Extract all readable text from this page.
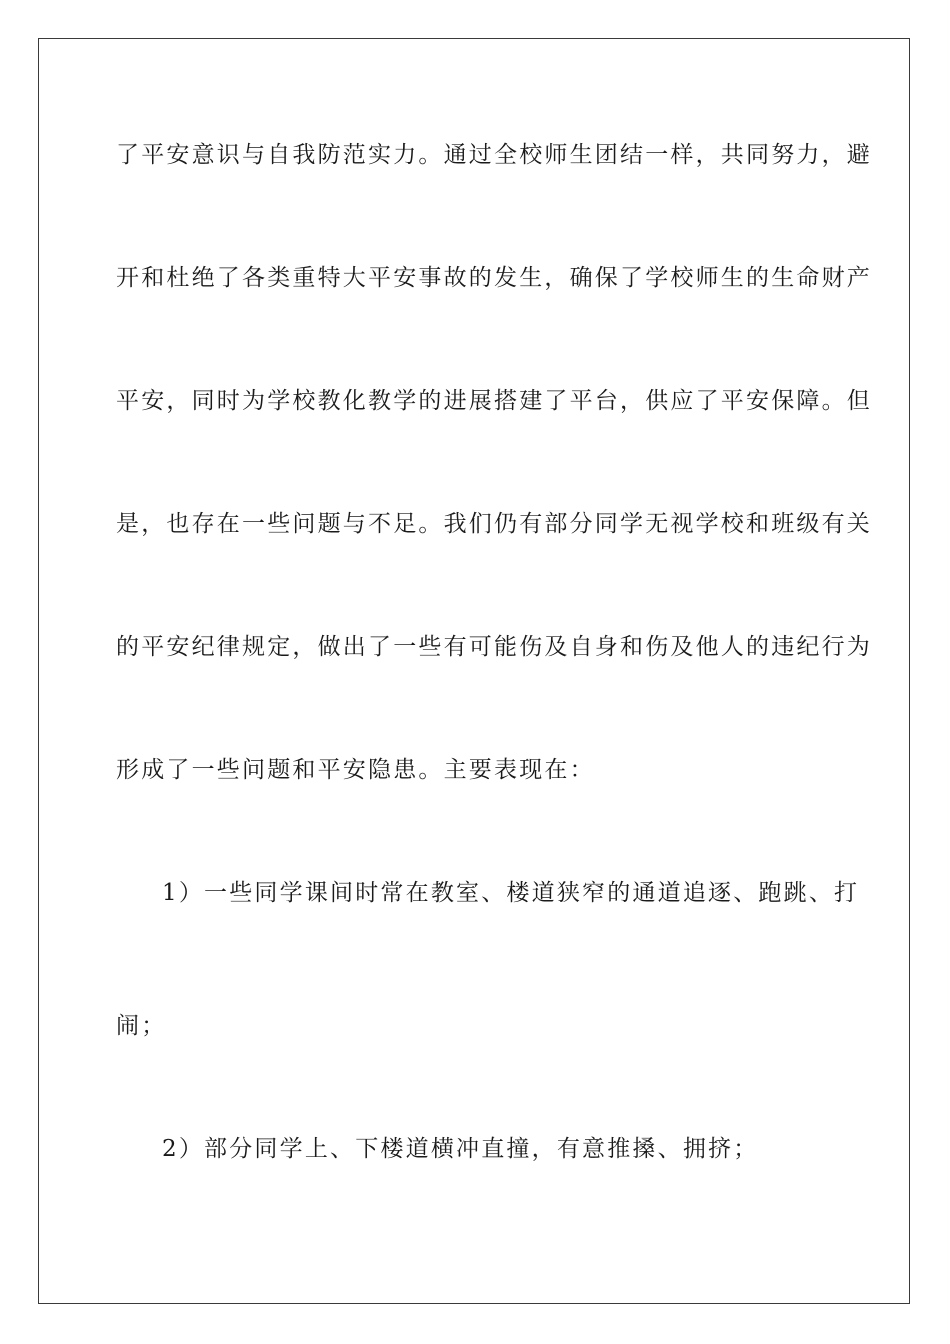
了平安意识与自我防范实力。通过全校师生团结一样，共同努力，避
开和杜绝了各类重特大平安事故的发生，确保了学校师生的生命财产
平安，同时为学校教化教学的进展搭建了平台，供应了平安保障。但
是，也存在一些问题与不足。我们仍有部分同学无视学校和班级有关
的平安纪律规定，做出了一些有可能伤及自身和伤及他人的违纪行为
形成了一些问题和平安隐患。主要表现在：
1）一些同学课间时常在教室、楼道狭窄的通道追逐、跑跳、打
闹；
2）部分同学上、下楼道横冲直撞，有意推搡、拥挤；
